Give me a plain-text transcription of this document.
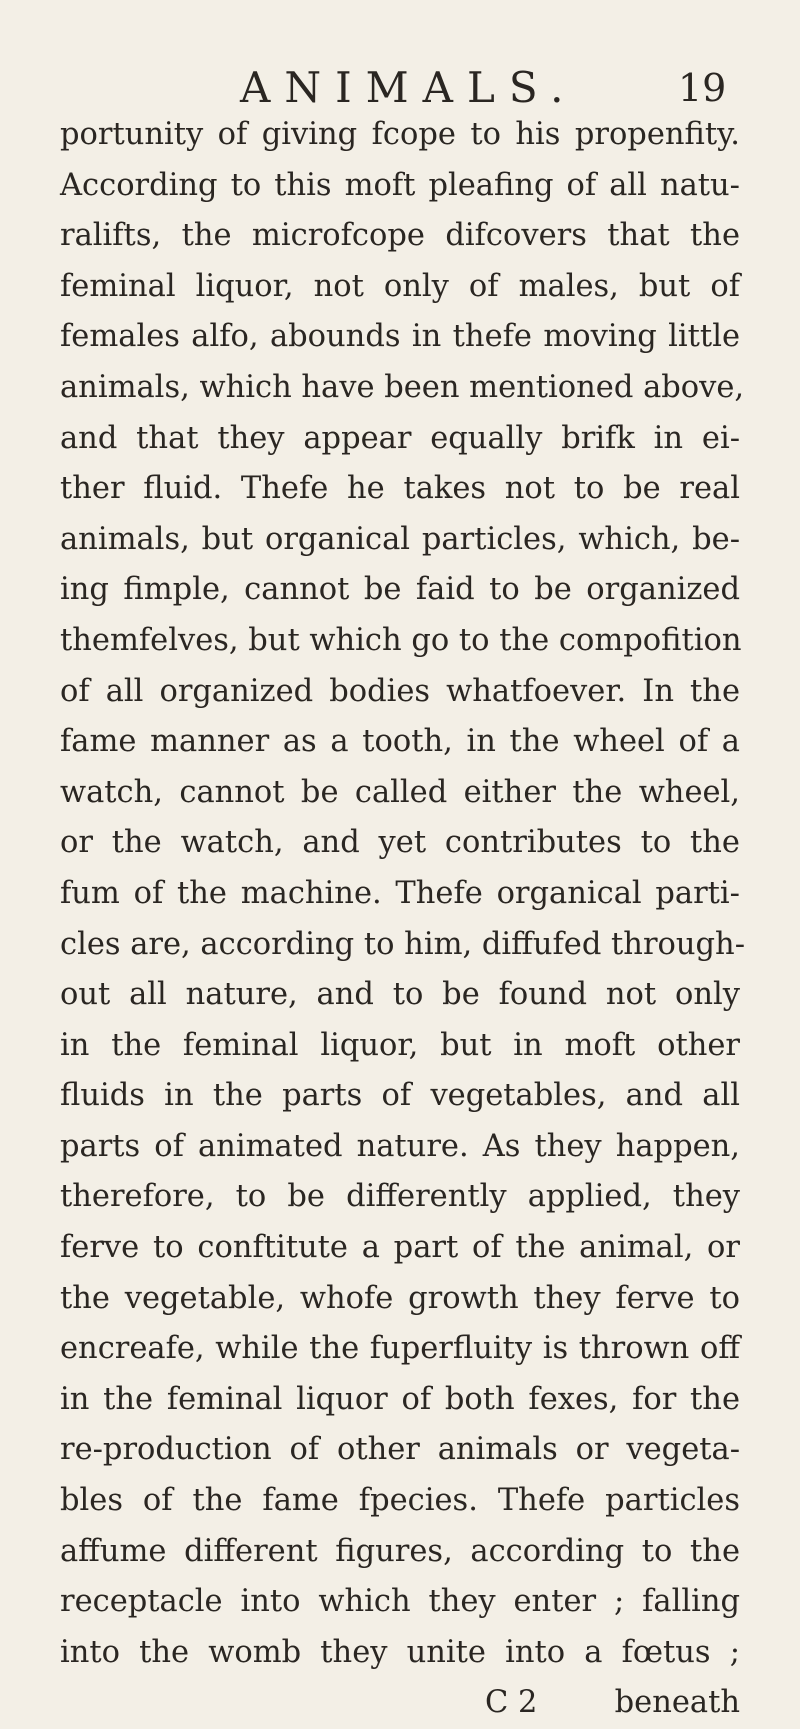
ANIMALS.	19
portunity of giving fcope to his propenfity.
According to this moft pleafing of all natu-
ralifts, the microfcope difcovers that the
feminal liquor, not only of males, but of
females alfo, abounds in thefe moving little
animals, which have been mentioned above,
and that they appear equally brifk in ei-
ther fluid. Thefe he takes not to be real
animals, but organical particles, which, be-
ing fimple, cannot be faid to be organized
themfelves, but which go to the compofition
of all organized bodies whatfoever. In the
fame manner as a tooth, in the wheel of a
watch, cannot be called either the wheel,
or the watch, and yet contributes to the
fum of the machine. Thefe organical parti-
cles are, according to him, diffufed through-
out all nature, and to be found not only
in the feminal liquor, but in moft other
fluids in the parts of vegetables, and all
parts of animated nature. As they happen,
therefore, to be differently applied, they
ferve to conftitute a part of the animal, or
the vegetable, whofe growth they ferve to
encreafe, while the fuperfluity is thrown off
in the feminal liquor of both fexes, for the
re-production of other animals or vegeta-
bles of the fame fpecies. Thefe particles
affume different figures, according to the
receptacle into which they enter ; falling
into the womb they unite into a fœtus ;
C 2	beneath
